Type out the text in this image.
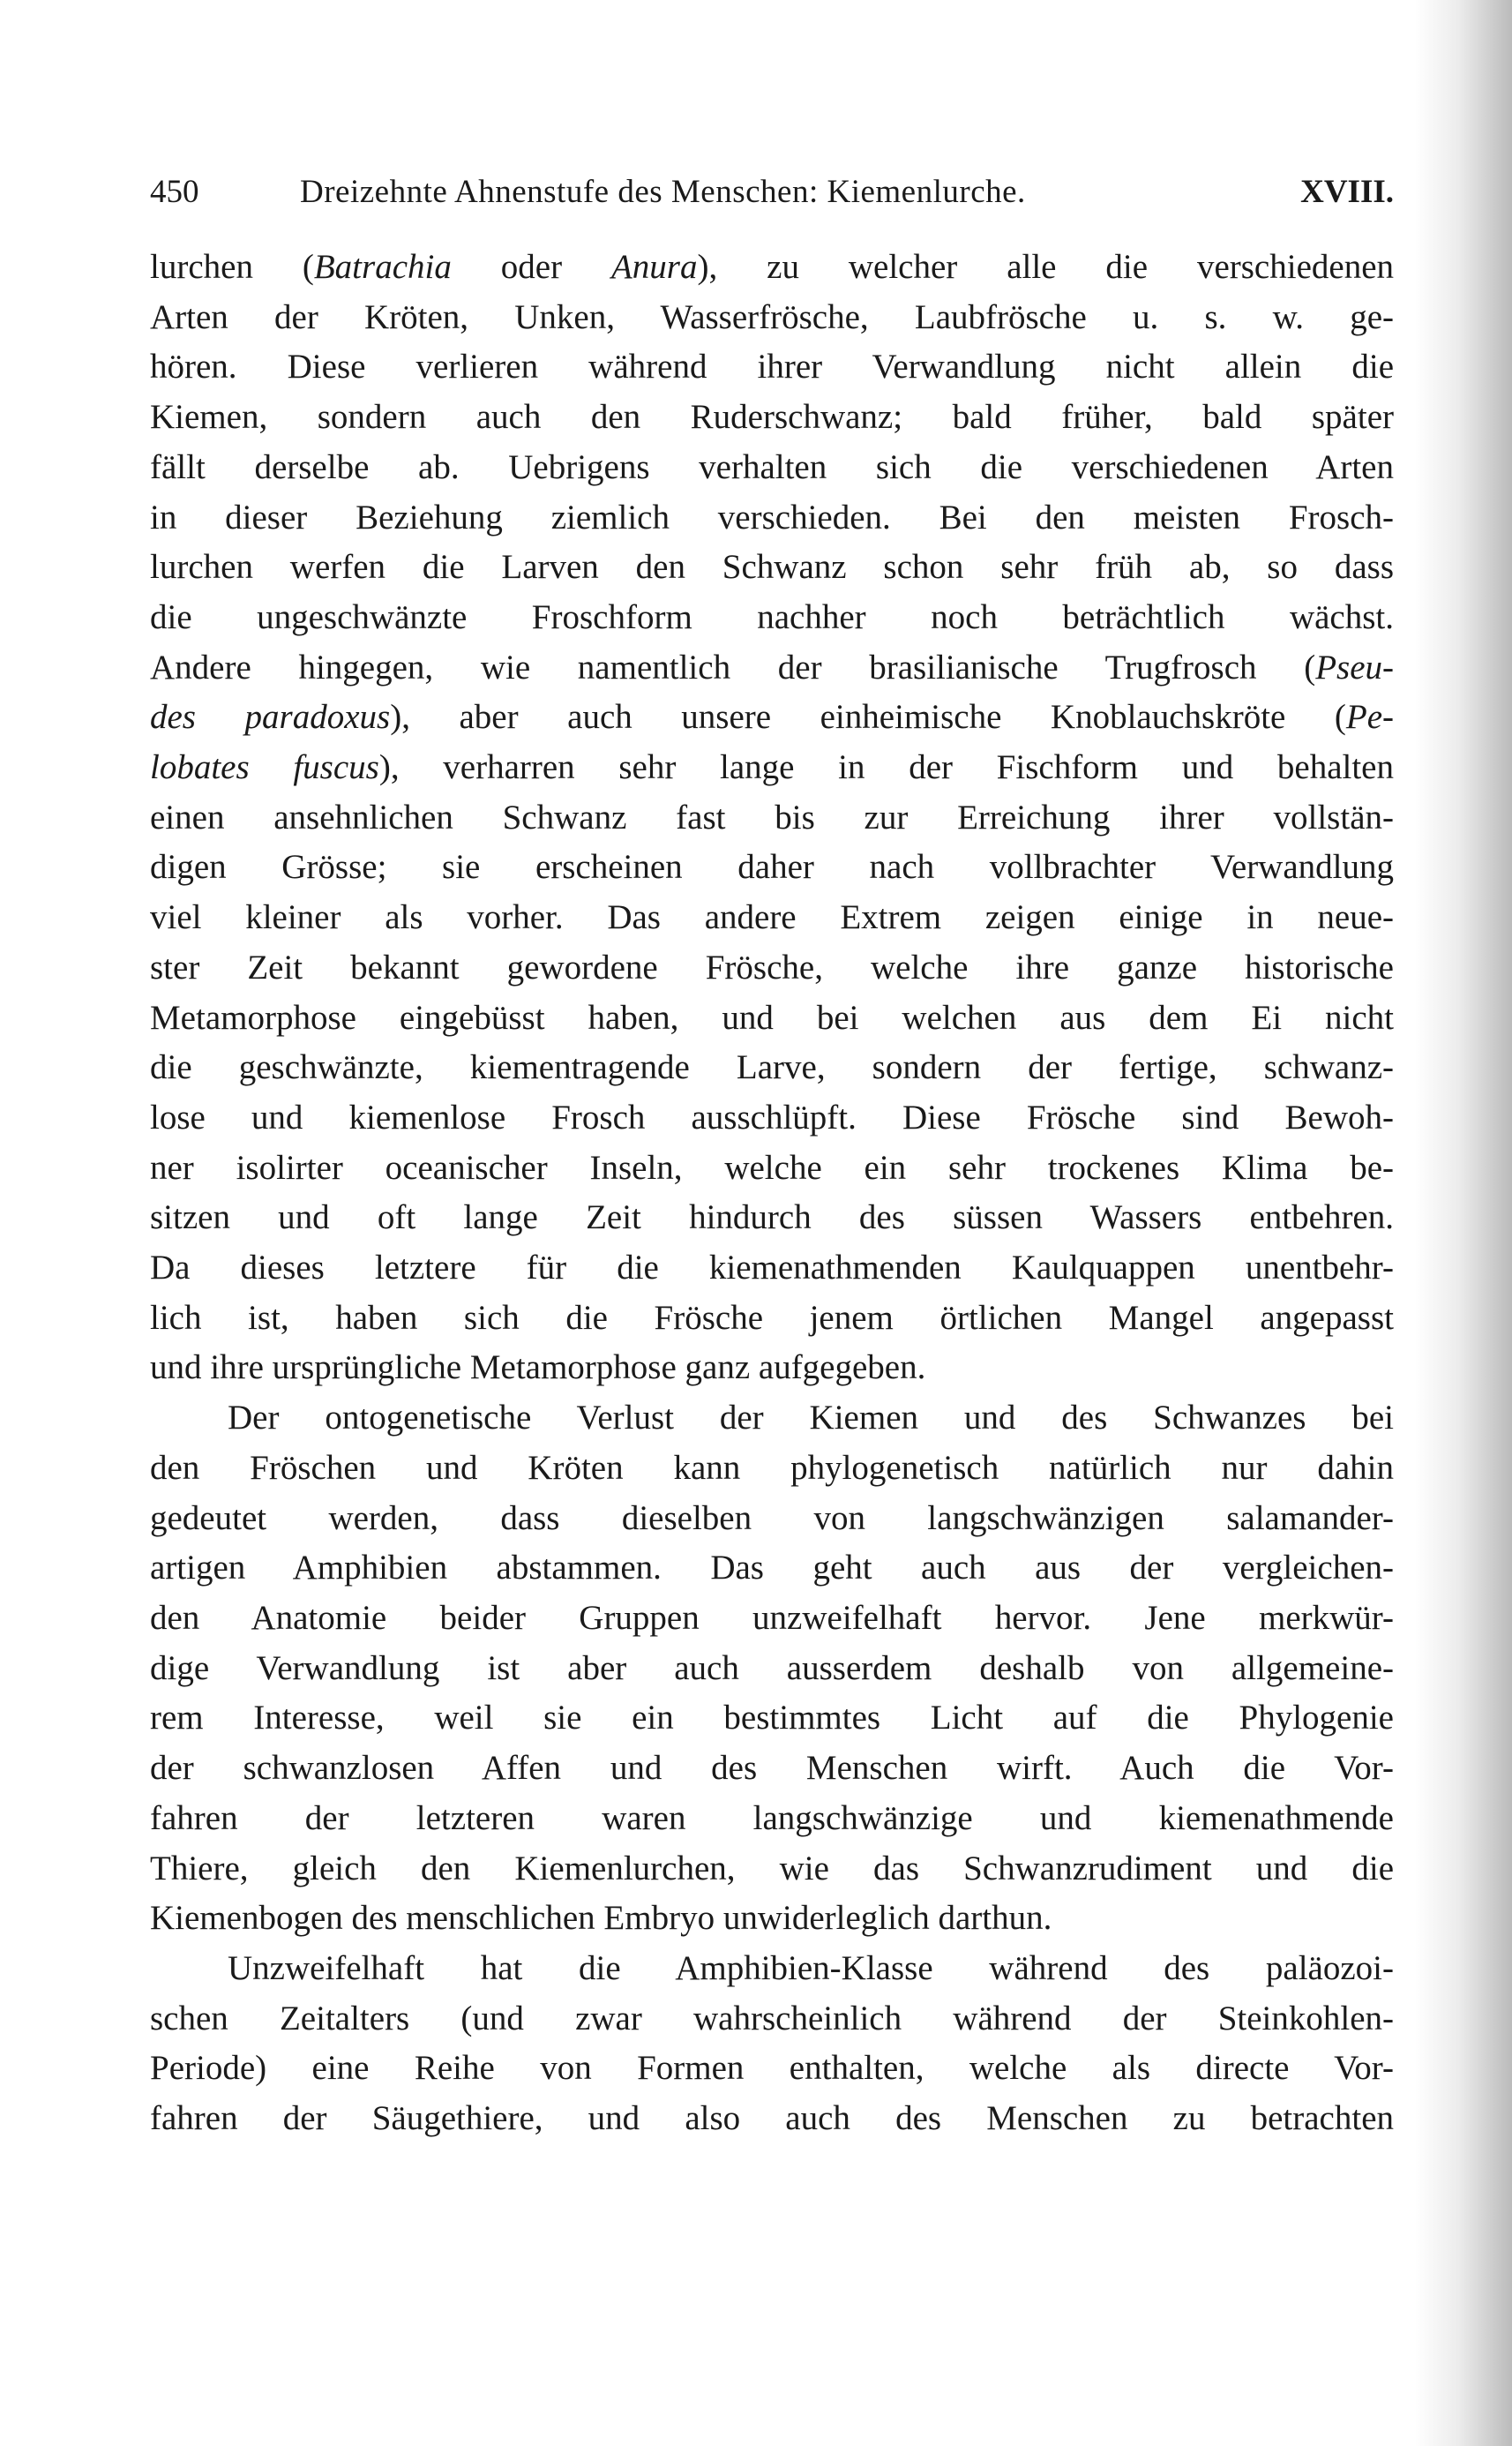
450	Dreizehnte Ahnenstufe des Menschen: Kiemenlurche.	XVIII.
lurchen (Batrachia oder Anura), zu welcher alle die verschiedenen
Arten der Kröten, Unken, Wasserfrösche, Laubfrösche u. s. w. ge-
hören. Diese verlieren während ihrer Verwandlung nicht allein die
Kiemen, sondern auch den Ruderschwanz; bald früher, bald später
fällt derselbe ab. Uebrigens verhalten sich die verschiedenen Arten
in dieser Beziehung ziemlich verschieden. Bei den meisten Frosch-
lurchen werfen die Larven den Schwanz schon sehr früh ab, so dass
die ungeschwänzte Froschform nachher noch beträchtlich wächst.
Andere hingegen, wie namentlich der brasilianische Trugfrosch (Pseu-
des paradoxus), aber auch unsere einheimische Knoblauchskröte (Pe-
lobates fuscus), verharren sehr lange in der Fischform und behalten
einen ansehnlichen Schwanz fast bis zur Erreichung ihrer vollstän-
digen Grösse; sie erscheinen daher nach vollbrachter Verwandlung
viel kleiner als vorher. Das andere Extrem zeigen einige in neue-
ster Zeit bekannt gewordene Frösche, welche ihre ganze historische
Metamorphose eingebüsst haben, und bei welchen aus dem Ei nicht
die geschwänzte, kiementragende Larve, sondern der fertige, schwanz-
lose und kiemenlose Frosch ausschlüpft. Diese Frösche sind Bewoh-
ner isolirter oceanischer Inseln, welche ein sehr trockenes Klima be-
sitzen und oft lange Zeit hindurch des süssen Wassers entbehren.
Da dieses letztere für die kiemenathmenden Kaulquappen unentbehr-
lich ist, haben sich die Frösche jenem örtlichen Mangel angepasst
und ihre ursprüngliche Metamorphose ganz aufgegeben.
Der ontogenetische Verlust der Kiemen und des Schwanzes bei
den Fröschen und Kröten kann phylogenetisch natürlich nur dahin
gedeutet werden, dass dieselben von langschwänzigen salamander-
artigen Amphibien abstammen. Das geht auch aus der vergleichen-
den Anatomie beider Gruppen unzweifelhaft hervor. Jene merkwür-
dige Verwandlung ist aber auch ausserdem deshalb von allgemeine-
rem Interesse, weil sie ein bestimmtes Licht auf die Phylogenie
der schwanzlosen Affen und des Menschen wirft. Auch die Vor-
fahren der letzteren waren langschwänzige und kiemenathmende
Thiere, gleich den Kiemenlurchen, wie das Schwanzrudiment und die
Kiemenbogen des menschlichen Embryo unwiderleglich darthun.
Unzweifelhaft hat die Amphibien-Klasse während des paläozoi-
schen Zeitalters (und zwar wahrscheinlich während der Steinkohlen-
Periode) eine Reihe von Formen enthalten, welche als directe Vor-
fahren der Säugethiere, und also auch des Menschen zu betrachten
